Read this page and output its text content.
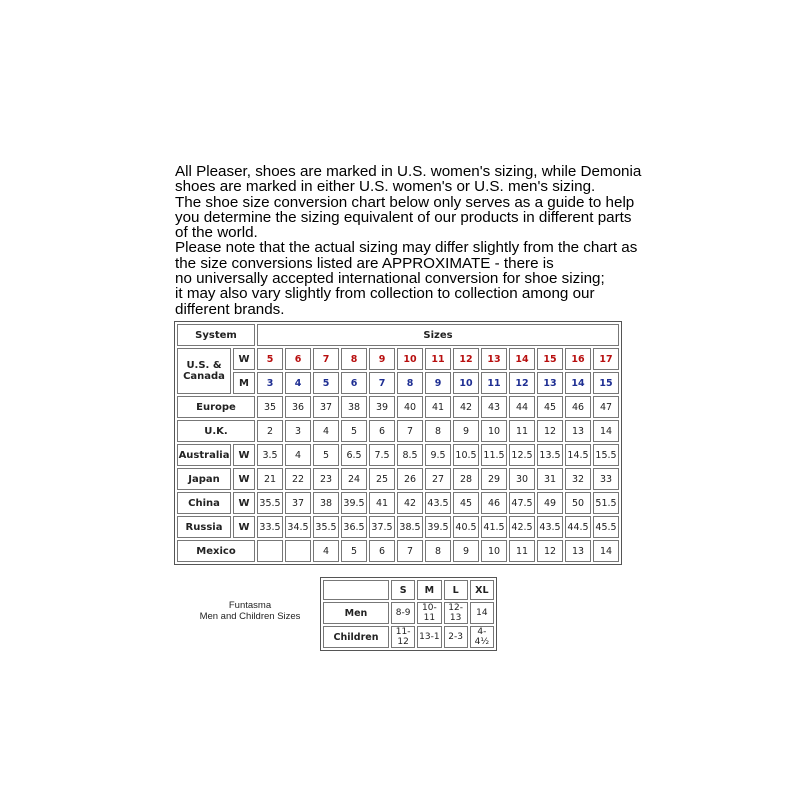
All Pleaser, shoes are marked in U.S. women's sizing, while Demonia

shoes are marked in either U.S. women's or U.S. men's sizing.

The shoe size conversion chart below only serves as a guide to help

you determine the sizing equivalent of our products in different parts

of the world.

Please note that the actual sizing may differ slightly from the chart as

the size conversions listed are APPROXIMATE - there is

no universally accepted international conversion for shoe sizing;

it may also vary slightly from collection to collection among our

different brands.

System		Sizes												
U.S. & Canada	W	5	6	7	8	9	10	11	12	13	14	15	16	17
	M	3	4	5	6	7	8	9	10	11	12	13	14	15
Europe		35	36	37	38	39	40	41	42	43	44	45	46	47
U.K.		2	3	4	5	6	7	8	9	10	11	12	13	14
Australia	W	3.5	4	5	6.5	7.5	8.5	9.5	10.5	11.5	12.5	13.5	14.5	15.5
Japan	W	21	22	23	24	25	26	27	28	29	30	31	32	33
China	W	35.5	37	38	39.5	41	42	43.5	45	46	47.5	49	50	51.5
Russia	W	33.5	34.5	35.5	36.5	37.5	38.5	39.5	40.5	41.5	42.5	43.5	44.5	45.5
Mexico				4	5	6	7	8	9	10	11	12	13	14
Funtasma
Men and Children Sizes
	S	M	L	XL
Men	8-9	10-11	12-13	14
Children	11-12	13-1	2-3	4-4½
